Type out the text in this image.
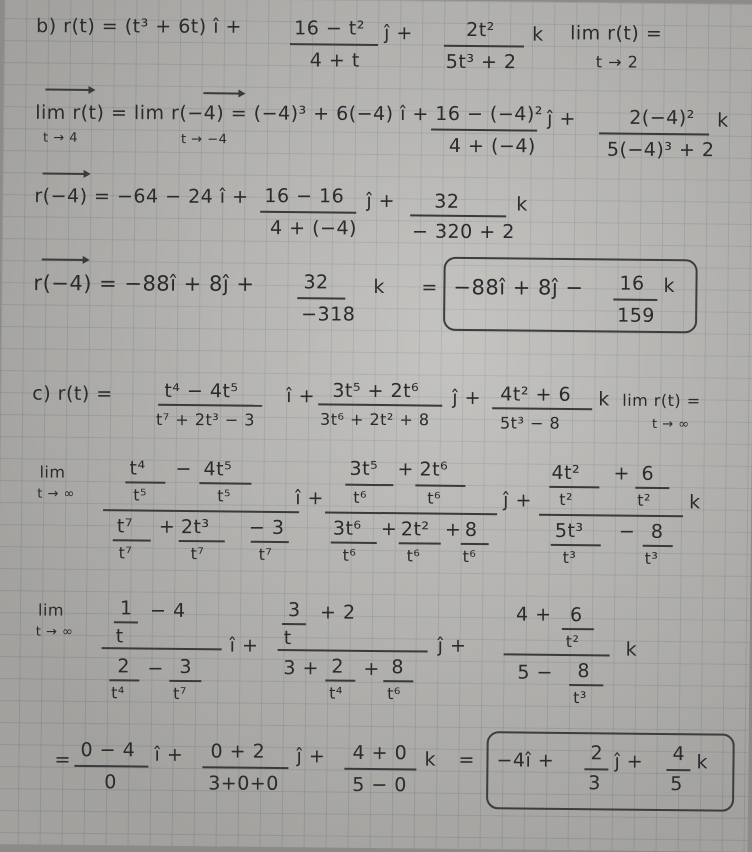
b) r(t) = (t³ + 6t) î +	16 − t²
4 + t
ĵ +	2t²
5t³ + 2
k lim r(t) =
t → 2
lim r(t) = lim r(−4) = (−4)³ + 6(−4) î +
t → 4	t → −4
16 − (−4)²
4 + (−4)
ĵ +	2(−4)²
5(−4)³ + 2
k
r(−4) = −64 − 24 î + 16 − 16
4 + (−4)
ĵ + 32
− 320 + 2
k
r(−4) = −88î + 8ĵ +	32
−318
k = −88î + 8ĵ − 16
159
k
c) r(t) =	t⁴ − 4t⁵
t⁷ + 2t³ − 3
î + 3t⁵ + 2t⁶
3t⁶ + 2t² + 8
ĵ + 4t² + 6
5t³ − 8
k lim r(t) =
t → ∞
lim
t → ∞
t⁴ − 4t⁵
t⁵	t⁵
t⁷ + 2t³ − 3
t⁷	t⁷	t⁷
î +
3t⁵ + 2t⁶
t⁶	t⁶
3t⁶ + 2t² + 8
t⁶	t⁶	t⁶
ĵ +
4t² + 6
t²	t²
5t³ − 8
t³	t³
k
lim
t → ∞
1
t
− 4
2
t⁴
− 3
t⁷
î +
3
t
+ 2
3 + 2
t⁴
+ 8
t⁶
ĵ +
4 + 6
t²
5 − 8
t³
k
= 0 − 4
0
î + 0 + 2
3+0+0
ĵ + 4 + 0
5 − 0
k = −4î + 2
3
ĵ + 4
5
k
